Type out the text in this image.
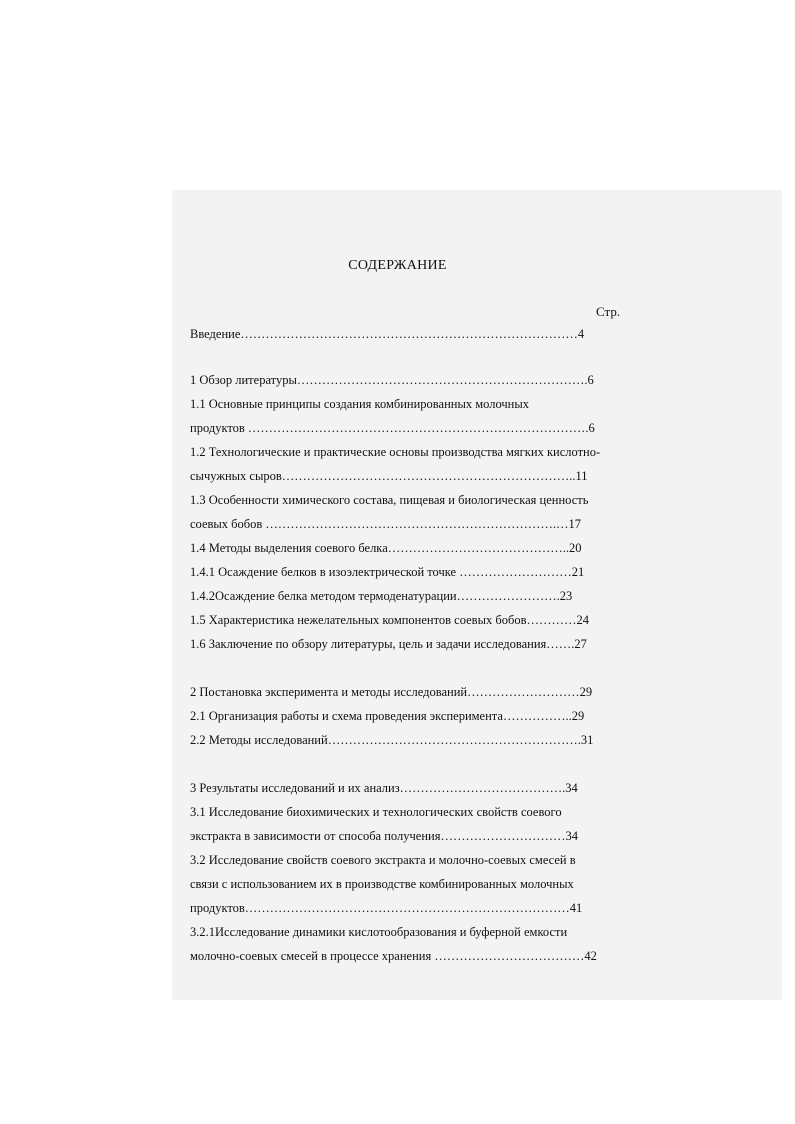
СОДЕРЖАНИЕ
Стр.
Введение………………………………………………………………………4
1 Обзор литературы…………………………………………………………….6
1.1 Основные принципы создания комбинированных молочных
продуктов ……………………………………………………………………….6
1.2 Технологические и практические основы производства мягких кислотно-
сычужных сыров……………………………………………………………..11
1.3 Особенности химического состава, пищевая и биологическая ценность
соевых бобов …………………………………………………………….…17
1.4 Методы выделения соевого белка……………………………………..20
1.4.1 Осаждение белков в изоэлектрической точке ………………………21
1.4.2Осаждение белка методом термоденатурации…………………….23
1.5 Характеристика нежелательных компонентов соевых бобов…………24
1.6 Заключение по обзору литературы, цель и задачи исследования…….27
2 Постановка эксперимента и методы исследований………………………29
2.1 Организация работы и схема проведения эксперимента……………..29
2.2 Методы исследований…………………………………………………….31
3 Результаты исследований и их анализ………………………………….34
3.1 Исследование биохимических и технологических свойств соевого
экстракта в зависимости от способа получения…………………………34
3.2 Исследование свойств соевого экстракта и молочно-соевых смесей в
связи с использованием их в производстве комбинированных молочных
продуктов……………………………………………………………………41
3.2.1Исследование динамики кислотообразования и буферной емкости
молочно-соевых смесей в процессе хранения ………………………………42
